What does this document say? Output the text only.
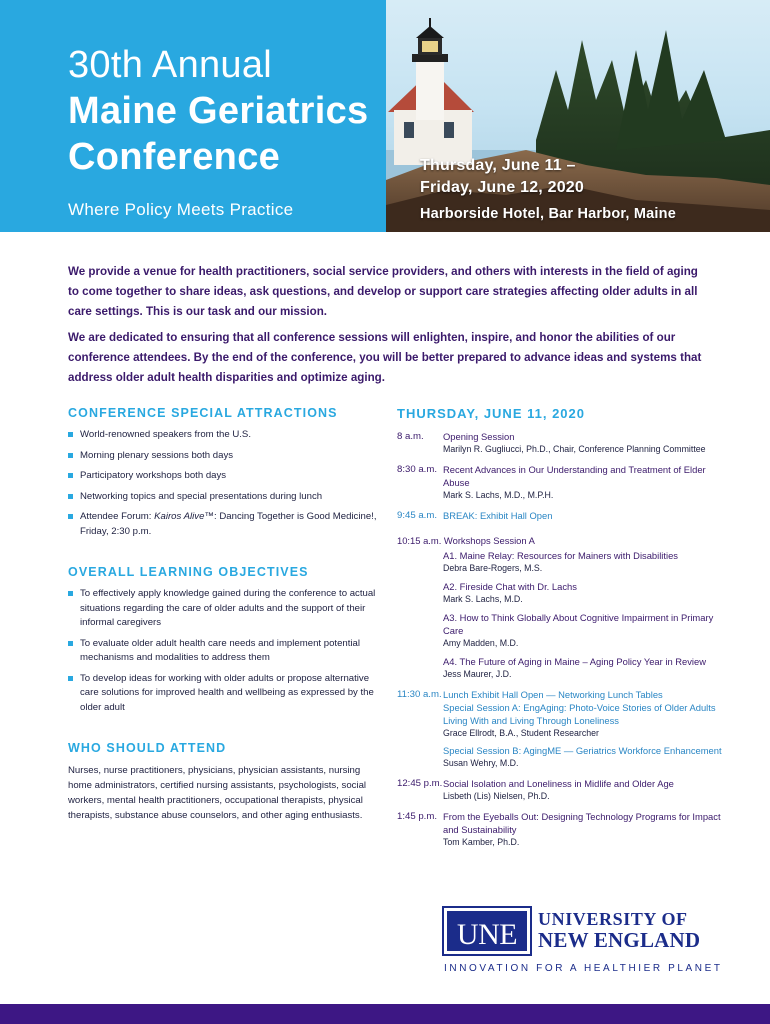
30th Annual
Maine Geriatrics
Conference
Where Policy Meets Practice
Thursday, June 11 –
Friday, June 12, 2020
Harborside Hotel, Bar Harbor, Maine

We provide a venue for health practitioners, social service providers, and others with interests in the field of aging to come together to share ideas, ask questions, and develop or support care strategies affecting older adults in all care settings. This is our task and our mission.

We are dedicated to ensuring that all conference sessions will enlighten, inspire, and honor the abilities of our conference attendees. By the end of the conference, you will be better prepared to advance ideas and systems that address older adult health disparities and optimize aging.

CONFERENCE SPECIAL ATTRACTIONS
World-renowned speakers from the U.S.
Morning plenary sessions both days
Participatory workshops both days
Networking topics and special presentations during lunch
Attendee Forum: Kairos Alive™: Dancing Together is Good Medicine!, Friday, 2:30 p.m.
OVERALL LEARNING OBJECTIVES
To effectively apply knowledge gained during the conference to actual situations regarding the care of older adults and the support of their informal caregivers
To evaluate older adult health care needs and implement potential mechanisms and modalities to address them
To develop ideas for working with older adults or propose alternative care solutions for improved health and wellbeing as expressed by the older adult
WHO SHOULD ATTEND

Nurses, nurse practitioners, physicians, physician assistants, nursing home administrators, certified nursing assistants, psychologists, social workers, mental health practitioners, occupational therapists, physical therapists, substance abuse counselors, and other aging enthusiasts.

THURSDAY, JUNE 11, 2020
8 a.m.	Opening Session
Marilyn R. Gugliucci, Ph.D., Chair, Conference Planning Committee
8:30 a.m. Recent Advances in Our Understanding and Treatment of Elder Abuse
Mark S. Lachs, M.D., M.P.H.
9:45 a.m. BREAK: Exhibit Hall Open
10:15 a.m. Workshops Session A
A1. Maine Relay: Resources for Mainers with Disabilities
Debra Bare-Rogers, M.S.
A2. Fireside Chat with Dr. Lachs
Mark S. Lachs, M.D.
A3. How to Think Globally About Cognitive Impairment in Primary Care
Amy Madden, M.D.
A4. The Future of Aging in Maine – Aging Policy Year in Review
Jess Maurer, J.D.
11:30 a.m. Lunch Exhibit Hall Open — Networking Lunch Tables
Special Session A: EngAging: Photo-Voice Stories of Older Adults Living With and Living Through Loneliness
Grace Ellrodt, B.A., Student Researcher
Special Session B: AgingME — Geriatrics Workforce Enhancement
Susan Wehry, M.D.
12:45 p.m. Social Isolation and Loneliness in Midlife and Older Age
Lisbeth (Lis) Nielsen, Ph.D.
1:45 p.m. From the Eyeballs Out: Designing Technology Programs for Impact and Sustainability
Tom Kamber, Ph.D.
UNE	UNIVERSITY OF
NEW ENGLAND
INNOVATION FOR A HEALTHIER PLANET
